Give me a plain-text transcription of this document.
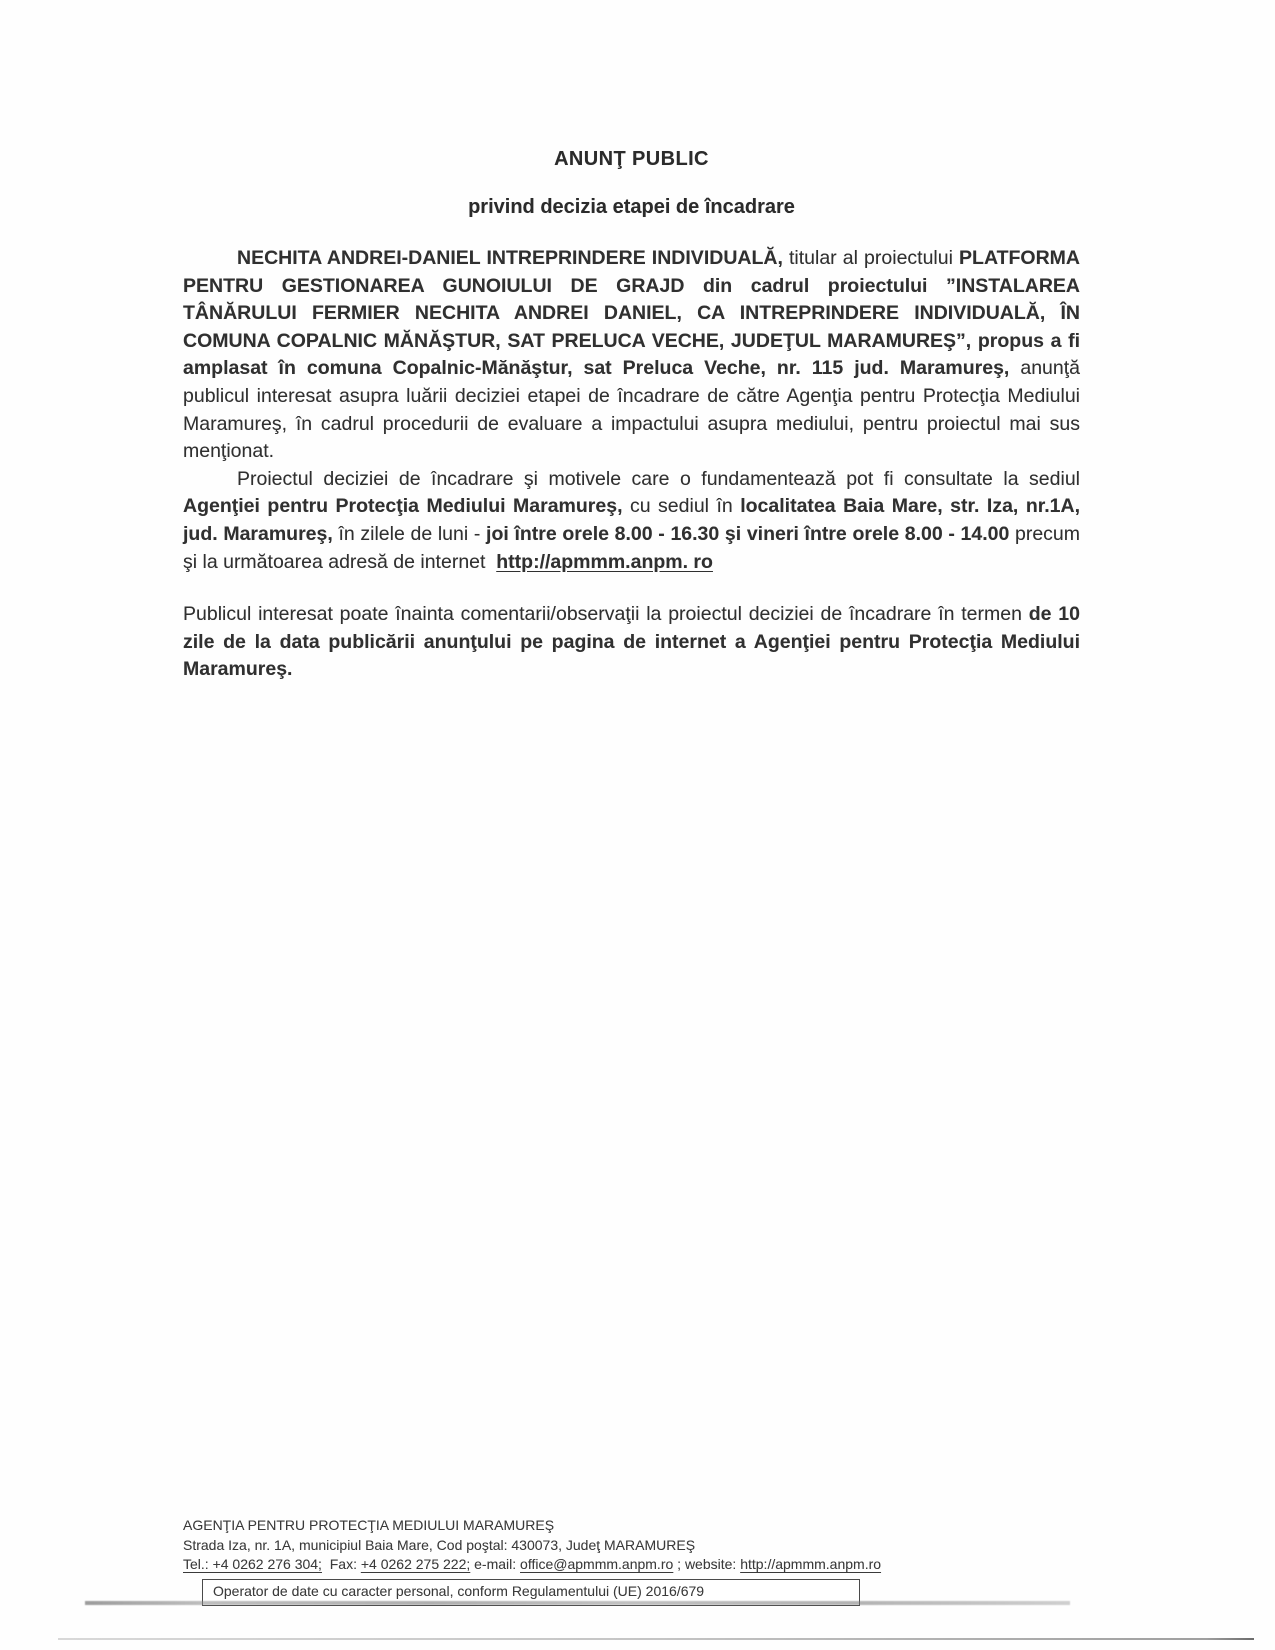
ANUNŢ PUBLIC
privind decizia etapei de încadrare

NECHITA ANDREI-DANIEL INTREPRINDERE INDIVIDUALĂ, titular al proiectului PLATFORMA PENTRU GESTIONAREA GUNOIULUI DE GRAJD din cadrul proiectului ”INSTALAREA TÂNĂRULUI FERMIER NECHITA ANDREI DANIEL, CA INTREPRINDERE INDIVIDUALĂ, ÎN COMUNA COPALNIC MĂNĂŞTUR, SAT PRELUCA VECHE, JUDEŢUL MARAMUREŞ”, propus a fi amplasat în comuna Copalnic-Mănăştur, sat Preluca Veche, nr. 115 jud. Maramureş, anunţă publicul interesat asupra luării deciziei etapei de încadrare de către Agenţia pentru Protecţia Mediului Maramureş, în cadrul procedurii de evaluare a impactului asupra mediului, pentru proiectul mai sus menţionat.

Proiectul deciziei de încadrare şi motivele care o fundamentează pot fi consultate la sediul Agenţiei pentru Protecţia Mediului Maramureş, cu sediul în localitatea Baia Mare, str. Iza, nr.1A, jud. Maramureş, în zilele de luni - joi între orele 8.00 - 16.30 şi vineri între orele 8.00 - 14.00 precum şi la următoarea adresă de internet  http://apmmm.anpm. ro

Publicul interesat poate înainta comentarii/observaţii la proiectul deciziei de încadrare în termen de 10 zile de la data publicării anunţului pe pagina de internet a Agenţiei pentru Protecţia Mediului Maramureş.

AGENŢIA PENTRU PROTECŢIA MEDIULUI MARAMUREŞ
Strada Iza, nr. 1A, municipiul Baia Mare, Cod poştal: 430073, Judeţ MARAMUREŞ
Tel.: +4 0262 276 304;  Fax: +4 0262 275 222; e-mail: office@apmmm.anpm.ro ; website: http://apmmm.anpm.ro
Operator de date cu caracter personal, conform Regulamentului (UE) 2016/679
